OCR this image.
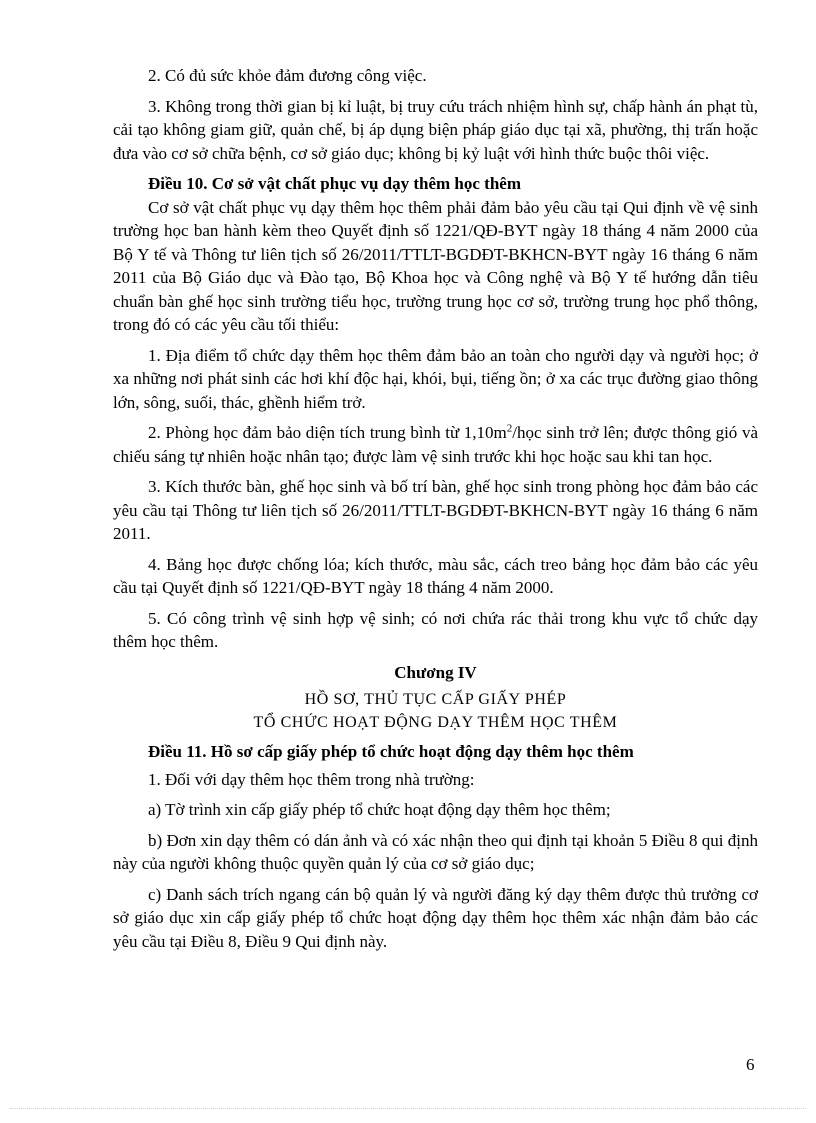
2. Có đủ sức khỏe đảm đương công việc.

3. Không trong thời gian bị kỉ luật, bị truy cứu trách nhiệm hình sự, chấp hành án phạt tù, cải tạo không giam giữ, quản chế, bị áp dụng biện pháp giáo dục tại xã, phường, thị trấn hoặc đưa vào cơ sở chữa bệnh, cơ sở giáo dục; không bị kỷ luật với hình thức buộc thôi việc.

Điều 10. Cơ sở vật chất phục vụ dạy thêm học thêm

Cơ sở vật chất phục vụ dạy thêm học thêm phải đảm bảo yêu cầu tại Qui định về vệ sinh trường học ban hành kèm theo Quyết định số 1221/QĐ-BYT ngày 18 tháng 4 năm 2000 của Bộ Y tế và Thông tư liên tịch số 26/2011/TTLT-BGDĐT-BKHCN-BYT ngày 16 tháng 6 năm 2011 của Bộ Giáo dục và Đào tạo, Bộ Khoa học và Công nghệ và Bộ Y tế hướng dẫn tiêu chuẩn bàn ghế học sinh trường tiểu học, trường trung học cơ sở, trường trung học phổ thông, trong đó có các yêu cầu tối thiểu:

1. Địa điểm tổ chức dạy thêm học thêm đảm bảo an toàn cho người dạy và người học; ở xa những nơi phát sinh các hơi khí độc hại, khói, bụi, tiếng ồn; ở xa các trục đường giao thông lớn, sông, suối, thác, ghềnh hiểm trở.

2. Phòng học đảm bảo diện tích trung bình từ $1,10m^2$/học sinh trở lên; được thông gió và chiếu sáng tự nhiên hoặc nhân tạo; được làm vệ sinh trước khi học hoặc sau khi tan học.

3. Kích thước bàn, ghế học sinh và bố trí bàn, ghế học sinh trong phòng học đảm bảo các yêu cầu tại Thông tư liên tịch số 26/2011/TTLT-BGDĐT-BKHCN-BYT ngày 16 tháng 6 năm 2011.

4. Bảng học được chống lóa; kích thước, màu sắc, cách treo bảng học đảm bảo các yêu cầu tại Quyết định số 1221/QĐ-BYT ngày 18 tháng 4 năm 2000.

5. Có công trình vệ sinh hợp vệ sinh; có nơi chứa rác thải trong khu vực tổ chức dạy thêm học thêm.

Chương IV

HỒ SƠ, THỦ TỤC CẤP GIẤY PHÉP

TỔ CHỨC HOẠT ĐỘNG DẠY THÊM HỌC THÊM

Điều 11. Hồ sơ cấp giấy phép tổ chức hoạt động dạy thêm học thêm

1. Đối với dạy thêm học thêm trong nhà trường:

a) Tờ trình xin cấp giấy phép tổ chức hoạt động dạy thêm học thêm;

b) Đơn xin dạy thêm có dán ảnh và có xác nhận theo qui định tại khoản 5 Điều 8 qui định này của người không thuộc quyền quản lý của cơ sở giáo dục;

c) Danh sách trích ngang cán bộ quản lý và người đăng ký dạy thêm được thủ trưởng cơ sở giáo dục xin cấp giấy phép tổ chức hoạt động dạy thêm học thêm xác nhận đảm bảo các yêu cầu tại Điều 8, Điều 9 Qui định này.

6
